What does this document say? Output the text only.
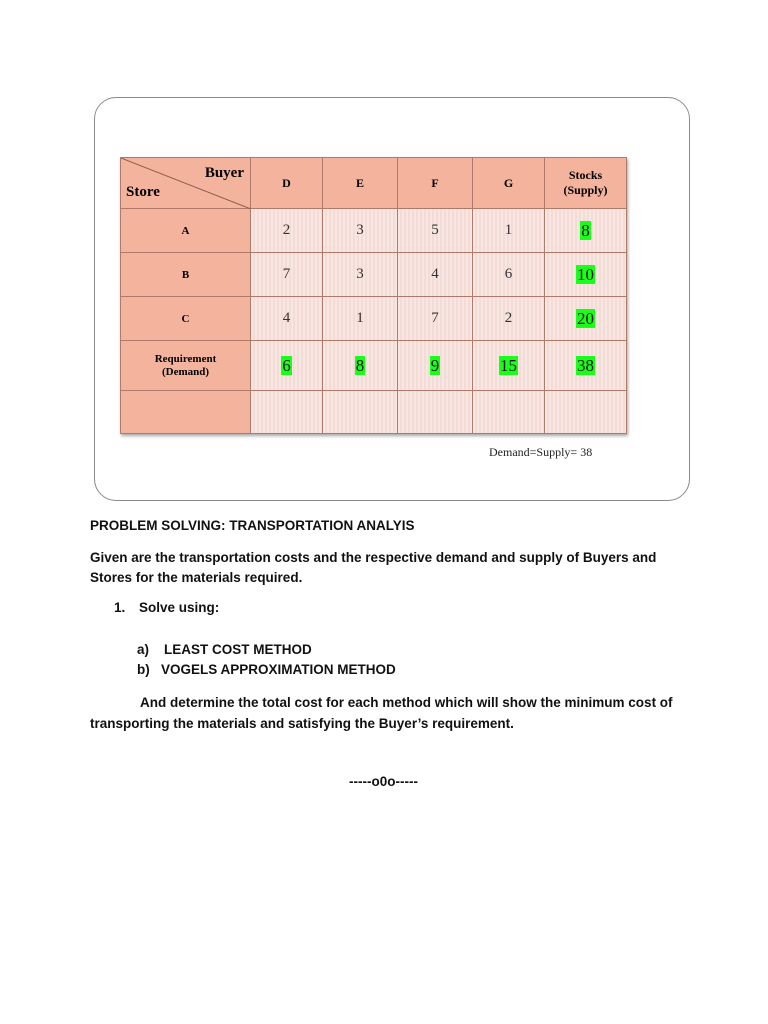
Buyer
Store	D	E	F	G	Stocks
(Supply)
A	2	3	5	1	8
B	7	3	4	6	10
C	4	1	7	2	20
Requirement
(Demand)	6	8	9	15	38

Demand=Supply= 38
PROBLEM SOLVING: TRANSPORTATION ANALYIS
Given are the transportation costs and the respective demand and supply of Buyers and Stores for the materials required.
1. Solve using:
a)    LEAST COST METHOD
b)   VOGELS APPROXIMATION METHOD
And determine the total cost for each method which will show the minimum cost of transporting the materials and satisfying the Buyer’s requirement.
-----o0o-----
